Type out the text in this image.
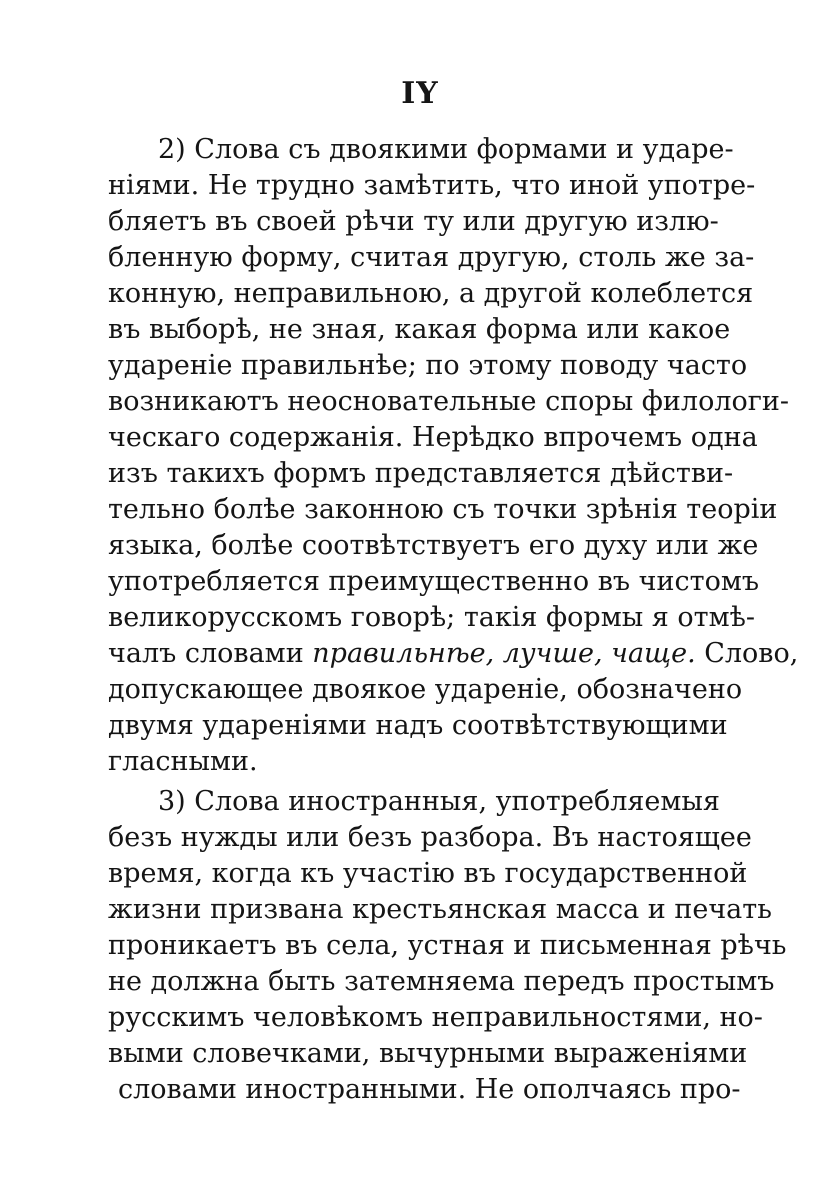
IY
2) Слова съ двоякими формами и ударе-
ніями. Не трудно замѣтить, что иной употре-
бляетъ въ своей рѣчи ту или другую излю-
бленную форму, считая другую, столь же за-
конную, неправильною, а другой колеблется
въ выборѣ, не зная, какая форма или какое
удареніе правильнѣе; по этому поводу часто
возникаютъ неосновательные споры филологи-
ческаго содержанія. Нерѣдко впрочемъ одна
изъ такихъ формъ представляется дѣйстви-
тельно болѣе законною съ точки зрѣнія теоріи
языка, болѣе соотвѣтствуетъ его духу или же
употребляется преимущественно въ чистомъ
великорусскомъ говорѣ; такія формы я отмѣ-
чалъ словами правильнѣе, лучше, чаще. Слово,
допускающее двоякое удареніе, обозначено
двумя удареніями надъ соотвѣтствующими
гласными.
3) Слова иностранныя, употребляемыя
безъ нужды или безъ разбора. Въ настоящее
время, когда къ участію въ государственной
жизни призвана крестьянская масса и печать
проникаетъ въ села, устная и письменная рѣчь
не должна быть затемняема передъ простымъ
русскимъ человѣкомъ неправильностями, но-
выми словечками, вычурными выраженіями
словами иностранными. Не ополчаясь про-
